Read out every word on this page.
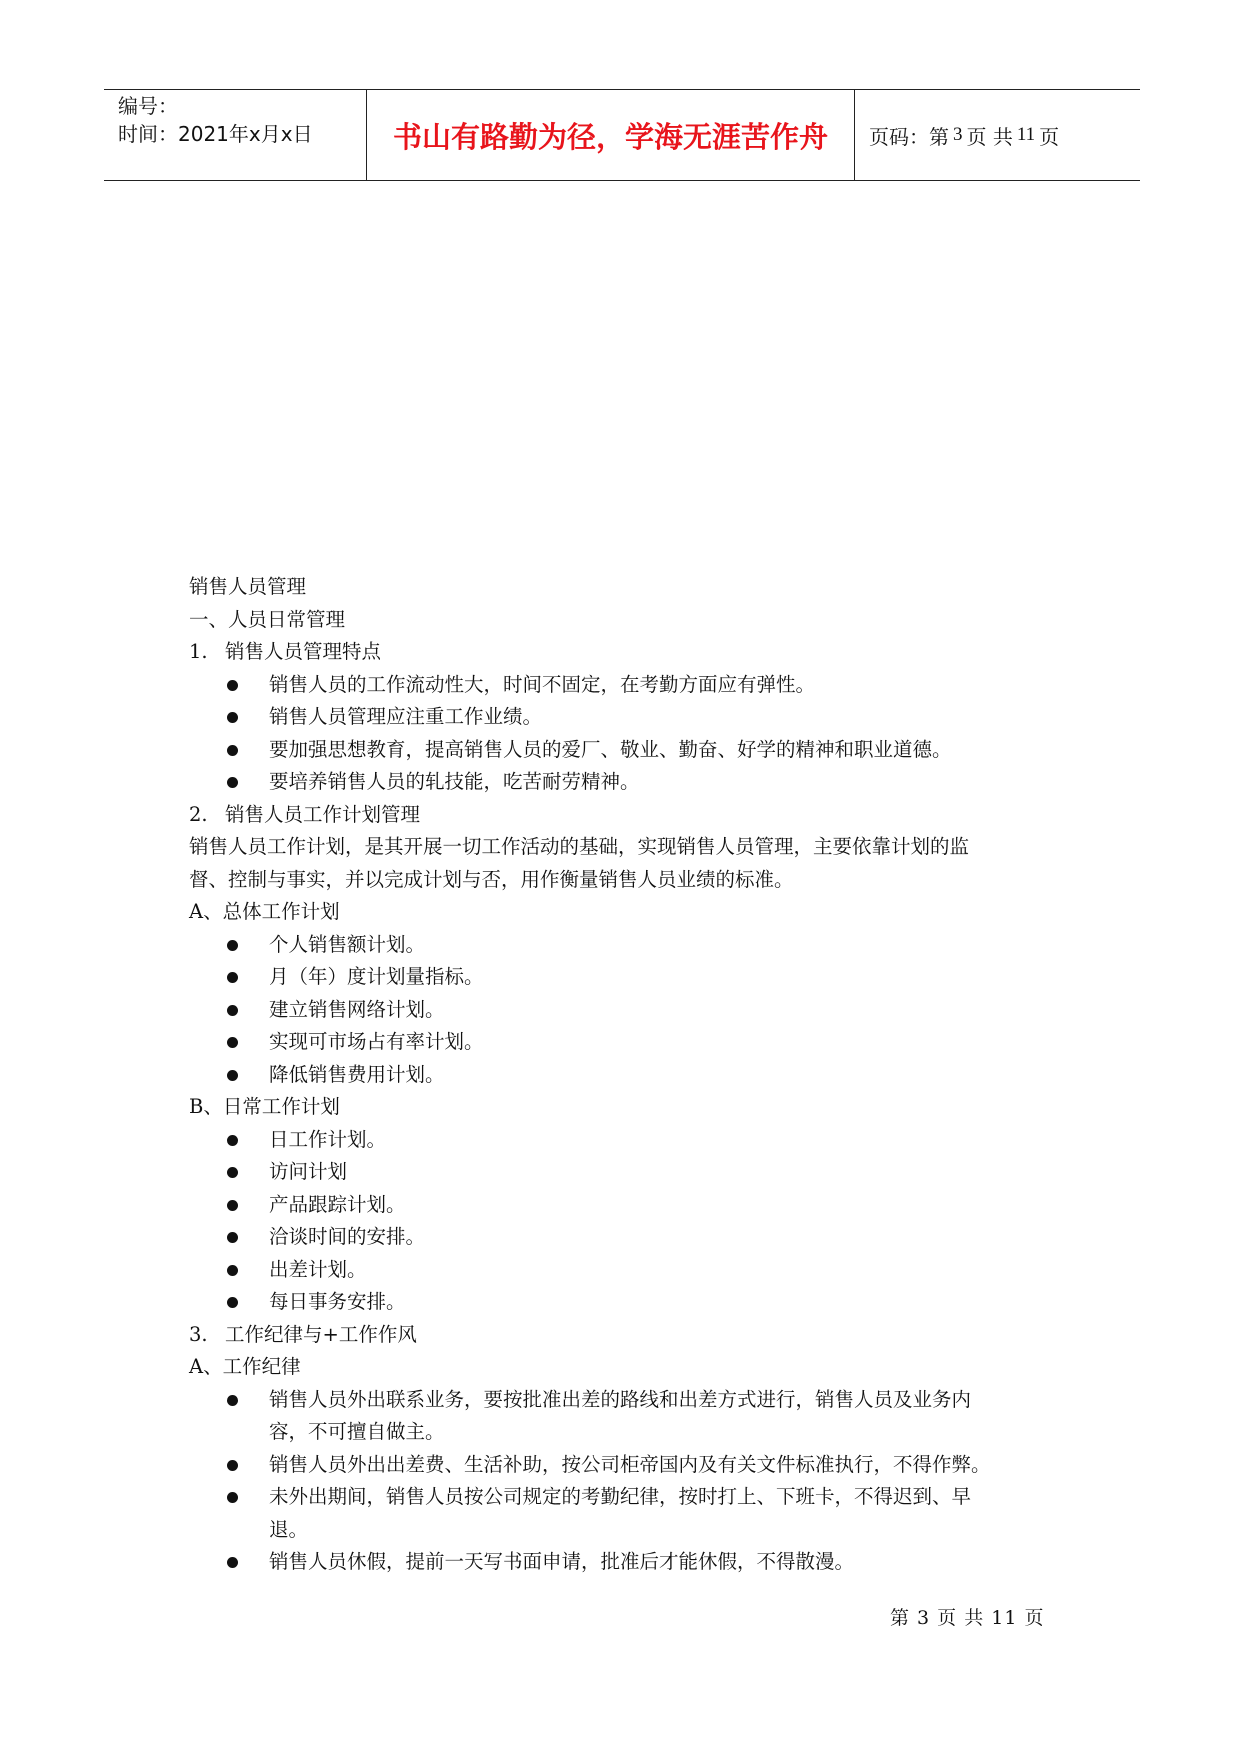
编号：
时间：2021年x月x日	书山有路勤为径，学海无涯苦作舟	页码：第 3 页 共 11 页

销售人员管理

一、人员日常管理

1. 销售人员管理特点

销售人员的工作流动性大，时间不固定，在考勤方面应有弹性。
销售人员管理应注重工作业绩。
要加强思想教育，提高销售人员的爱厂、敬业、勤奋、好学的精神和职业道德。
要培养销售人员的轧技能，吃苦耐劳精神。

2. 销售人员工作计划管理

销售人员工作计划，是其开展一切工作活动的基础，实现销售人员管理，主要依靠计划的监

督、控制与事实，并以完成计划与否，用作衡量销售人员业绩的标准。

A、总体工作计划

个人销售额计划。
月（年）度计划量指标。
建立销售网络计划。
实现可市场占有率计划。
降低销售费用计划。

B、日常工作计划

日工作计划。
访问计划
产品跟踪计划。
洽谈时间的安排。
出差计划。
每日事务安排。

3. 工作纪律与+工作作风

A、工作纪律

销售人员外出联系业务，要按批准出差的路线和出差方式进行，销售人员及业务内
容，不可擅自做主。
销售人员外出出差费、生活补助，按公司柜帝国内及有关文件标准执行，不得作弊。
未外出期间，销售人员按公司规定的考勤纪律，按时打上、下班卡，不得迟到、早
退。
销售人员休假，提前一天写书面申请，批准后才能休假，不得散漫。
第 3 页 共 11 页
